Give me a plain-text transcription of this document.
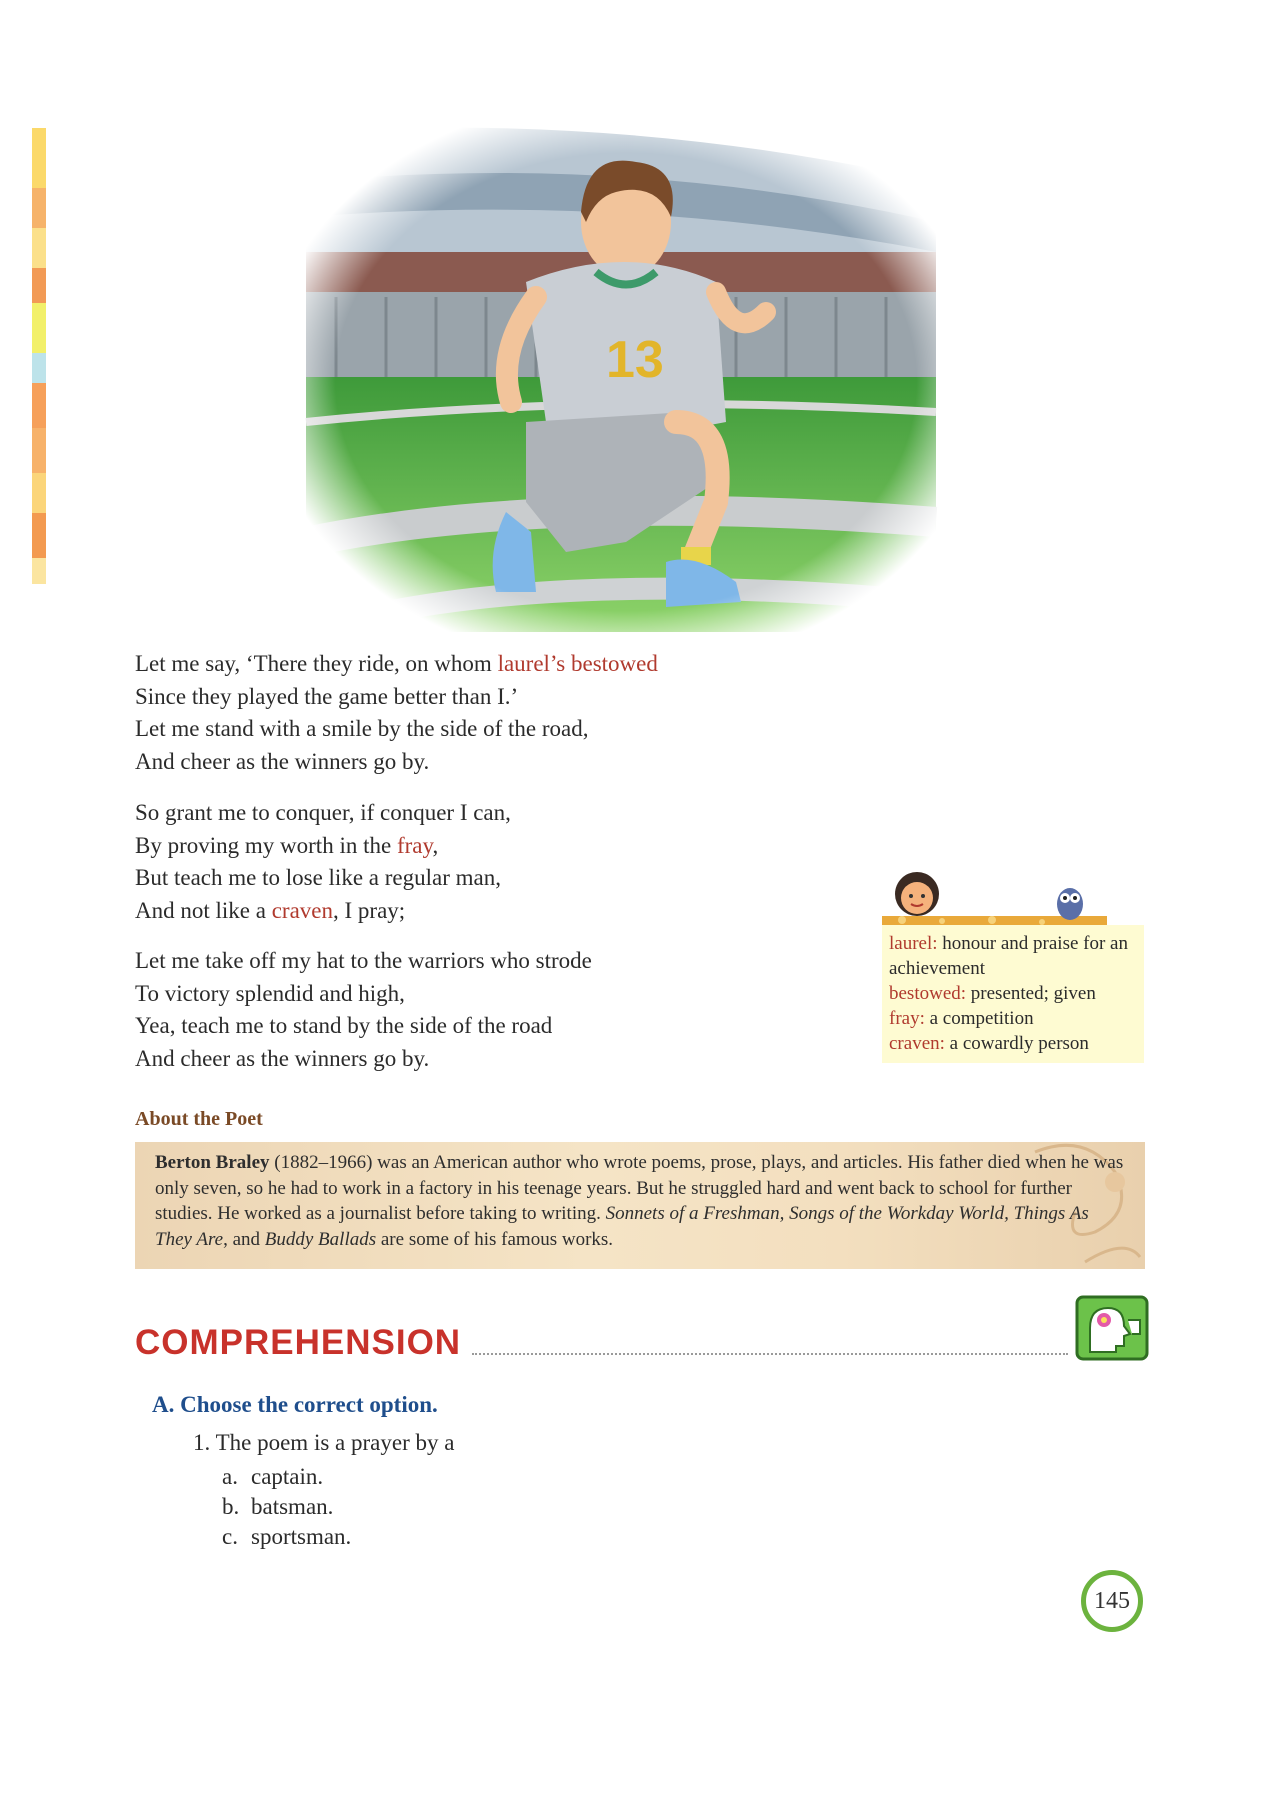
Let me say, ‘There they ride, on whom laurel’s bestowed
Since they played the game better than I.’
Let me stand with a smile by the side of the road,
And cheer as the winners go by.
So grant me to conquer, if conquer I can,
By proving my worth in the fray,
But teach me to lose like a regular man,
And not like a craven, I pray;
Let me take off my hat to the warriors who strode
To victory splendid and high,
Yea, teach me to stand by the side of the road
And cheer as the winners go by.
laurel: honour and praise for an achievement
bestowed: presented; given
fray: a competition
craven: a cowardly person
About the Poet

Berton Braley (1882–1966) was an American author who wrote poems, prose, plays, and articles. His father died when he was only seven, so he had to work in a factory in his teenage years. But he struggled hard and went back to school for further studies. He worked as a journalist before taking to writing. Sonnets of a Freshman, Songs of the Workday World, Things As They Are, and Buddy Ballads are some of his famous works.

COMPREHENSION
A. Choose the correct option.
1. The poem is a prayer by a
a. captain.
b. batsman.
c. sportsman.
145
